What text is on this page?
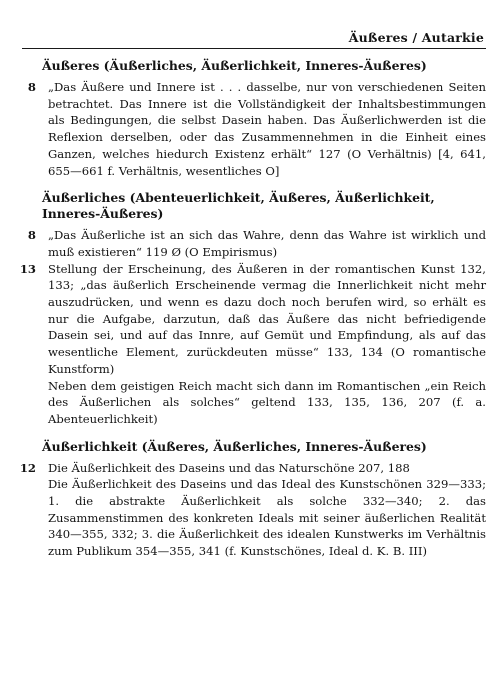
Äußeres / Autarkie
Äußeres (Äußerliches, Äußerlichkeit, Inneres-Äußeres)
8 „Das Äußere und Innere ist . . . dasselbe, nur von verschiedenen Seiten betrachtet. Das Innere ist die Vollständigkeit der Inhaltsbestimmungen als Bedingungen, die selbst Dasein haben. Das Äußerlichwerden ist die Reflexion derselben, oder das Zusammennehmen in die Einheit eines Ganzen, welches hiedurch Existenz erhält“ 127 (O Verhältnis) [4, 641, 655—661 f. Verhältnis, wesentliches O]

Äußerliches (Abenteuerlichkeit, Äußeres, Äußerlichkeit, Inneres-Äußeres)
8 „Das Äußerliche ist an sich das Wahre, denn das Wahre ist wirklich und muß existieren“ 119 Ø (O Empirismus)

13 Stellung der Erscheinung, des Äußeren in der romantischen Kunst 132, 133; „das äußerlich Erscheinende vermag die Innerlichkeit nicht mehr auszudrücken, und wenn es dazu doch noch berufen wird, so erhält es nur die Aufgabe, darzutun, daß das Äußere das nicht befriedigende Dasein sei, und auf das Innre, auf Gemüt und Empfindung, als auf das wesentliche Element, zurückdeuten müsse“ 133, 134 (O romantische Kunstform)

Neben dem geistigen Reich macht sich dann im Romantischen „ein Reich des Äußerlichen als solches“ geltend 133, 135, 136, 207 (f. a. Abenteuerlichkeit)

Äußerlichkeit (Äußeres, Äußerliches, Inneres-Äußeres)
12 Die Äußerlichkeit des Daseins und das Naturschöne 207, 188

Die Äußerlichkeit des Daseins und das Ideal des Kunstschönen 329—333; 1. die abstrakte Äußerlichkeit als solche 332—340; 2. das Zusammenstimmen des konkreten Ideals mit seiner äußerlichen Realität 340—355, 332; 3. die Äußerlichkeit des idealen Kunstwerks im Verhältnis zum Publikum 354—355, 341 (f. Kunstschönes, Ideal d. K. B. III)
